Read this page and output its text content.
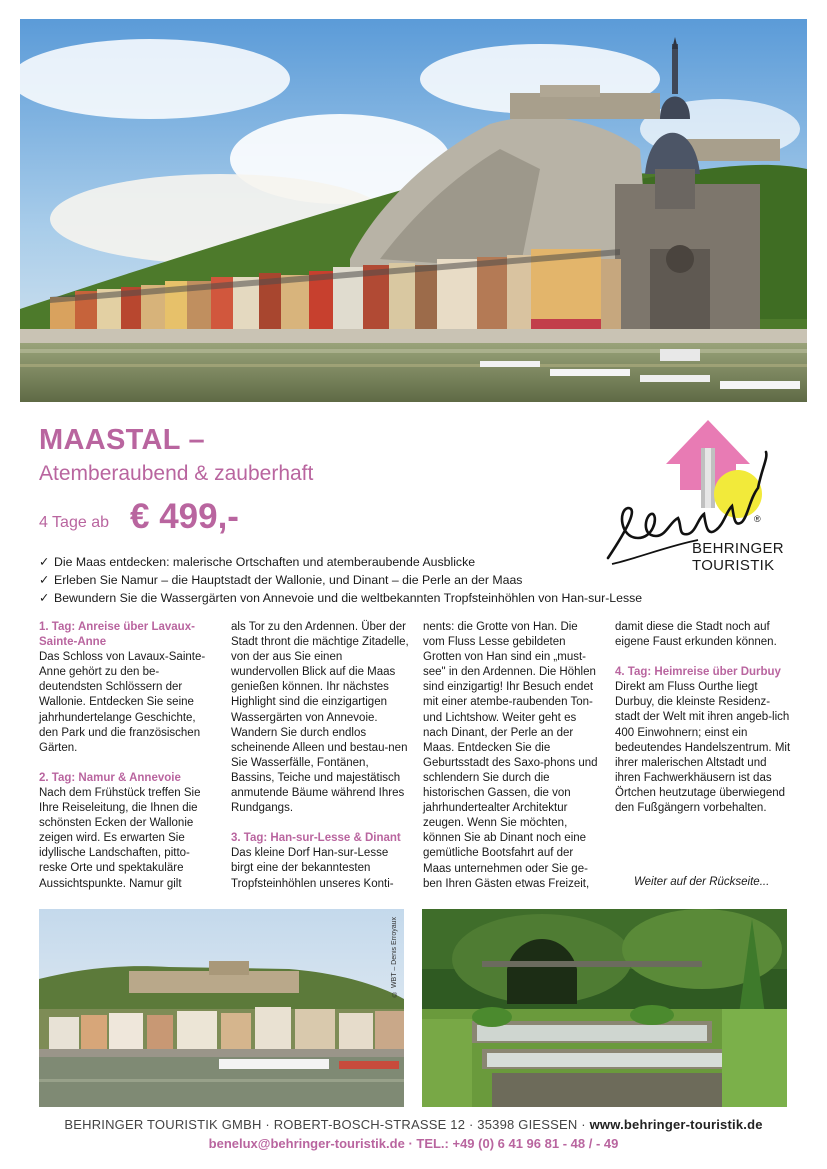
MAASTAL –
Atemberaubend & zauberhaft
4 Tage ab € 499,-	®
BEHRINGER
TOURISTIK
✓ Die Maas entdecken: malerische Ortschaften und atemberaubende Ausblicke
✓ Erleben Sie Namur – die Hauptstadt der Wallonie, und Dinant – die Perle an der Maas
✓ Bewundern Sie die Wassergärten von Annevoie und die weltbekannten Tropfsteinhöhlen von Han-sur-Lesse

1. Tag: Anreise über Lavaux-Sainte-Anne
Das Schloss von Lavaux-Sainte-Anne gehört zu den be-deutendsten Schlössern der Wallonie. Entdecken Sie seine jahrhundertelange Geschichte, den Park und die französischen Gärten.

2. Tag: Namur & Annevoie
Nach dem Frühstück treffen Sie Ihre Reiseleitung, die Ihnen die schönsten Ecken der Wallonie zeigen wird. Es erwarten Sie idyllische Landschaften, pitto-reske Orte und spektakuläre Aussichtspunkte. Namur gilt

als Tor zu den Ardennen. Über der Stadt thront die mächtige Zitadelle, von der aus Sie einen wundervollen Blick auf die Maas genießen können. Ihr nächstes Highlight sind die einzigartigen Wassergärten von Annevoie. Wandern Sie durch endlos scheinende Alleen und bestau-nen Sie Wasserfälle, Fontänen, Bassins, Teiche und majestätisch anmutende Bäume während Ihres Rundgangs.

3. Tag: Han-sur-Lesse & Dinant
Das kleine Dorf Han-sur-Lesse birgt eine der bekanntesten Tropfsteinhöhlen unseres Konti-

nents: die Grotte von Han. Die vom Fluss Lesse gebildeten Grotten von Han sind ein „must-see" in den Ardennen. Die Höhlen sind einzigartig! Ihr Besuch endet mit einer atembe-raubenden Ton- und Lichtshow. Weiter geht es nach Dinant, der Perle an der Maas. Entdecken Sie die Geburtsstadt des Saxo-phons und schlendern Sie durch die historischen Gassen, die von jahrhundertealter Architektur zeugen. Wenn Sie möchten, können Sie ab Dinant noch eine gemütliche Bootsfahrt auf der Maas unternehmen oder Sie ge-ben Ihren Gästen etwas Freizeit,

damit diese die Stadt noch auf eigene Faust erkunden können.

4. Tag: Heimreise über Durbuy
Direkt am Fluss Ourthe liegt Durbuy, die kleinste Residenz-stadt der Welt mit ihren angeb-lich 400 Einwohnern; einst ein bedeutendes Handelszentrum. Mit ihrer malerischen Altstadt und ihren Fachwerkhäusern ist das Örtchen heutzutage überwiegend den Fußgängern vorbehalten.

Weiter auf der Rückseite...
© WBT – Denis Erroyaux
BEHRINGER TOURISTIK GMBH · ROBERT-BOSCH-STRASSE 12 · 35398 GIESSEN · www.behringer-touristik.de
benelux@behringer-touristik.de · TEL.: +49 (0) 6 41 96 81 - 48 / - 49
